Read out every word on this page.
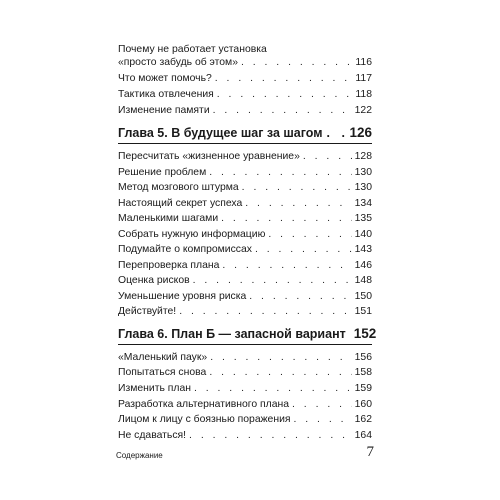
Почему не работает установка
«просто забудь об этом» . . .	116
Что может помочь? . . .	117
Тактика отвлечения . . .	118
Изменение памяти . . .	122
Глава 5. В будущее шаг за шагом . . . 126
Пересчитать «жизненное уравнение» . . .	128
Решение проблем . . .	130
Метод мозгового штурма . . .	130
Настоящий секрет успеха . . .	134
Маленькими шагами . . .	135
Собрать нужную информацию . . .	140
Подумайте о компромиссах . . .	143
Перепроверка плана . . .	146
Оценка рисков . . .	148
Уменьшение уровня риска . . .	150
Действуйте! . . .	151
Глава 6. План Б — запасной вариант 152
«Маленький паук» . . .	156
Попытаться снова . . .	158
Изменить план . . .	159
Разработка альтернативного плана . . .	160
Лицом к лицу с боязнью поражения . . .	162
Не сдаваться! . . .	164
Содержание	7
